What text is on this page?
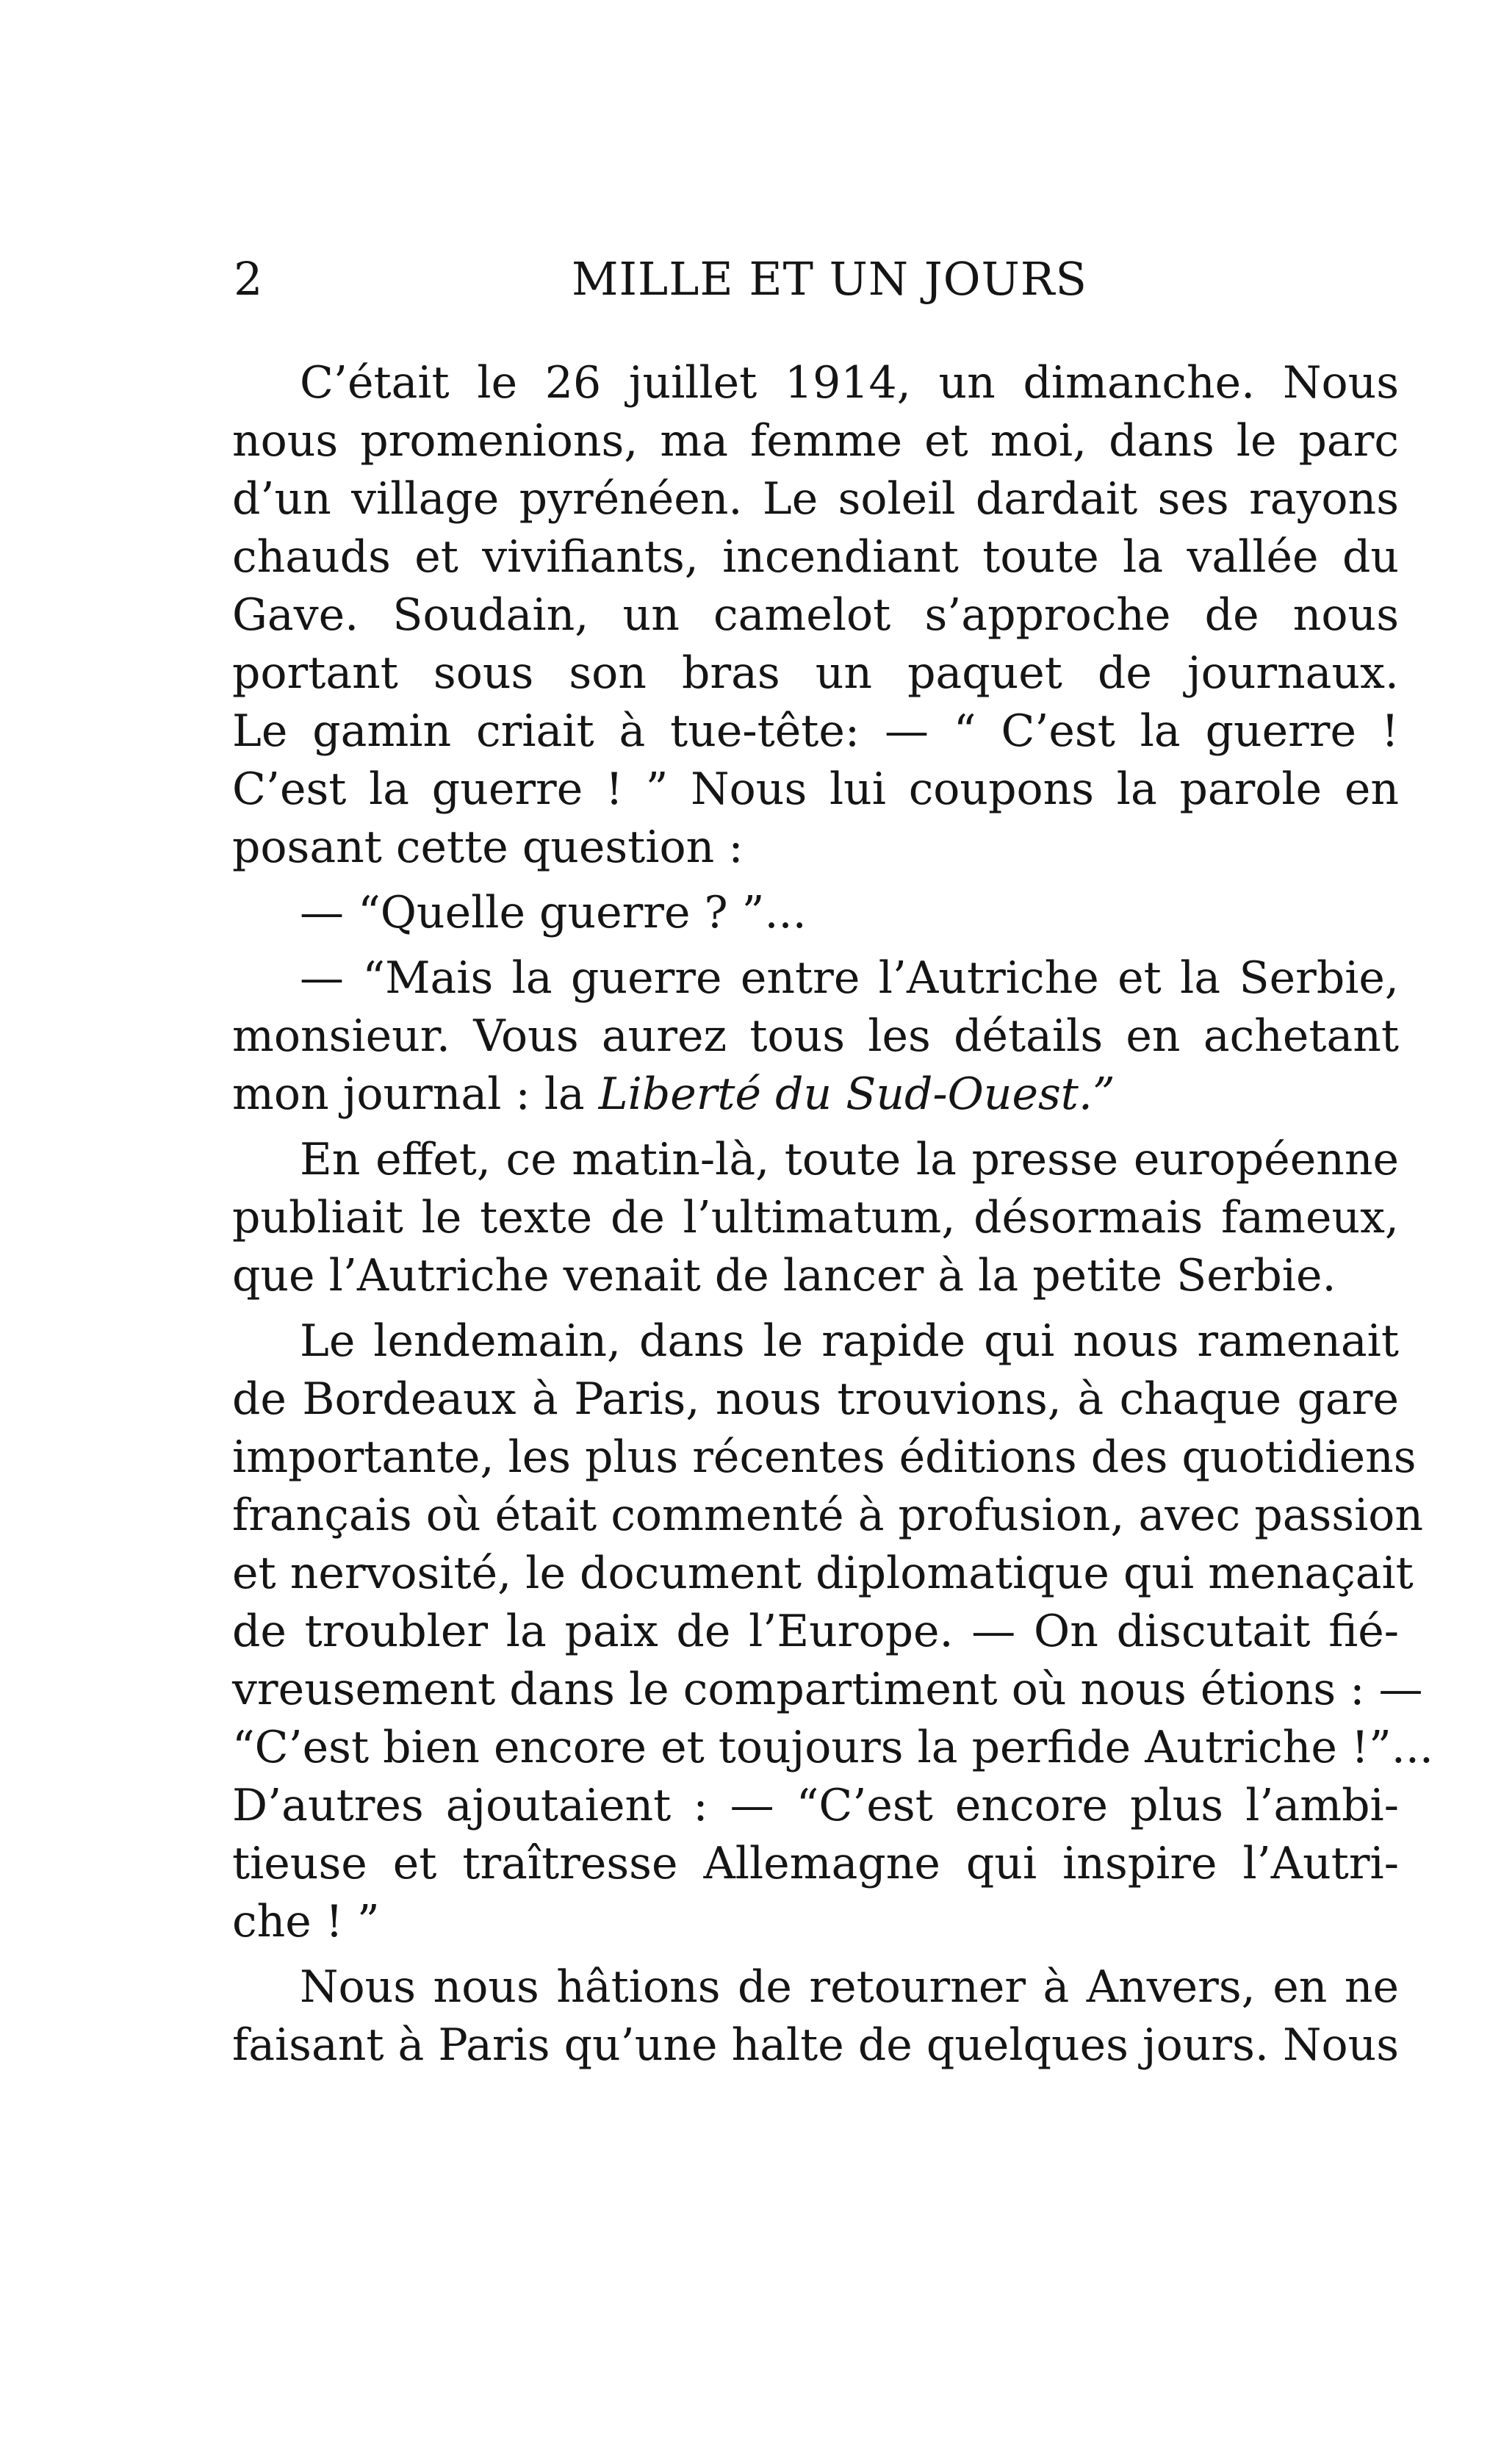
2	MILLE ET UN JOURS
C’était le 26 juillet 1914, un dimanche. Nous
nous promenions, ma femme et moi, dans le parc
d’un village pyrénéen. Le soleil dardait ses rayons
chauds et vivifiants, incendiant toute la vallée du
Gave. Soudain, un camelot s’approche de nous
portant sous son bras un paquet de journaux.
Le gamin criait à tue-tête: — “ C’est la guerre !
C’est la guerre ! ” Nous lui coupons la parole en
posant cette question :
— “Quelle guerre ? ”...
— “Mais la guerre entre l’Autriche et la Serbie,
monsieur. Vous aurez tous les détails en achetant
mon journal : la Liberté du Sud-Ouest.”
En effet, ce matin-là, toute la presse européenne
publiait le texte de l’ultimatum, désormais fameux,
que l’Autriche venait de lancer à la petite Serbie.
Le lendemain, dans le rapide qui nous ramenait
de Bordeaux à Paris, nous trouvions, à chaque gare
importante, les plus récentes éditions des quotidiens
français où était commenté à profusion, avec passion
et nervosité, le document diplomatique qui menaçait
de troubler la paix de l’Europe. — On discutait fié-
vreusement dans le compartiment où nous étions : —
“C’est bien encore et toujours la perfide Autriche !”...
D’autres ajoutaient : — “C’est encore plus l’ambi-
tieuse et traîtresse Allemagne qui inspire l’Autri-
che ! ”
Nous nous hâtions de retourner à Anvers, en ne
faisant à Paris qu’une halte de quelques jours. Nous
